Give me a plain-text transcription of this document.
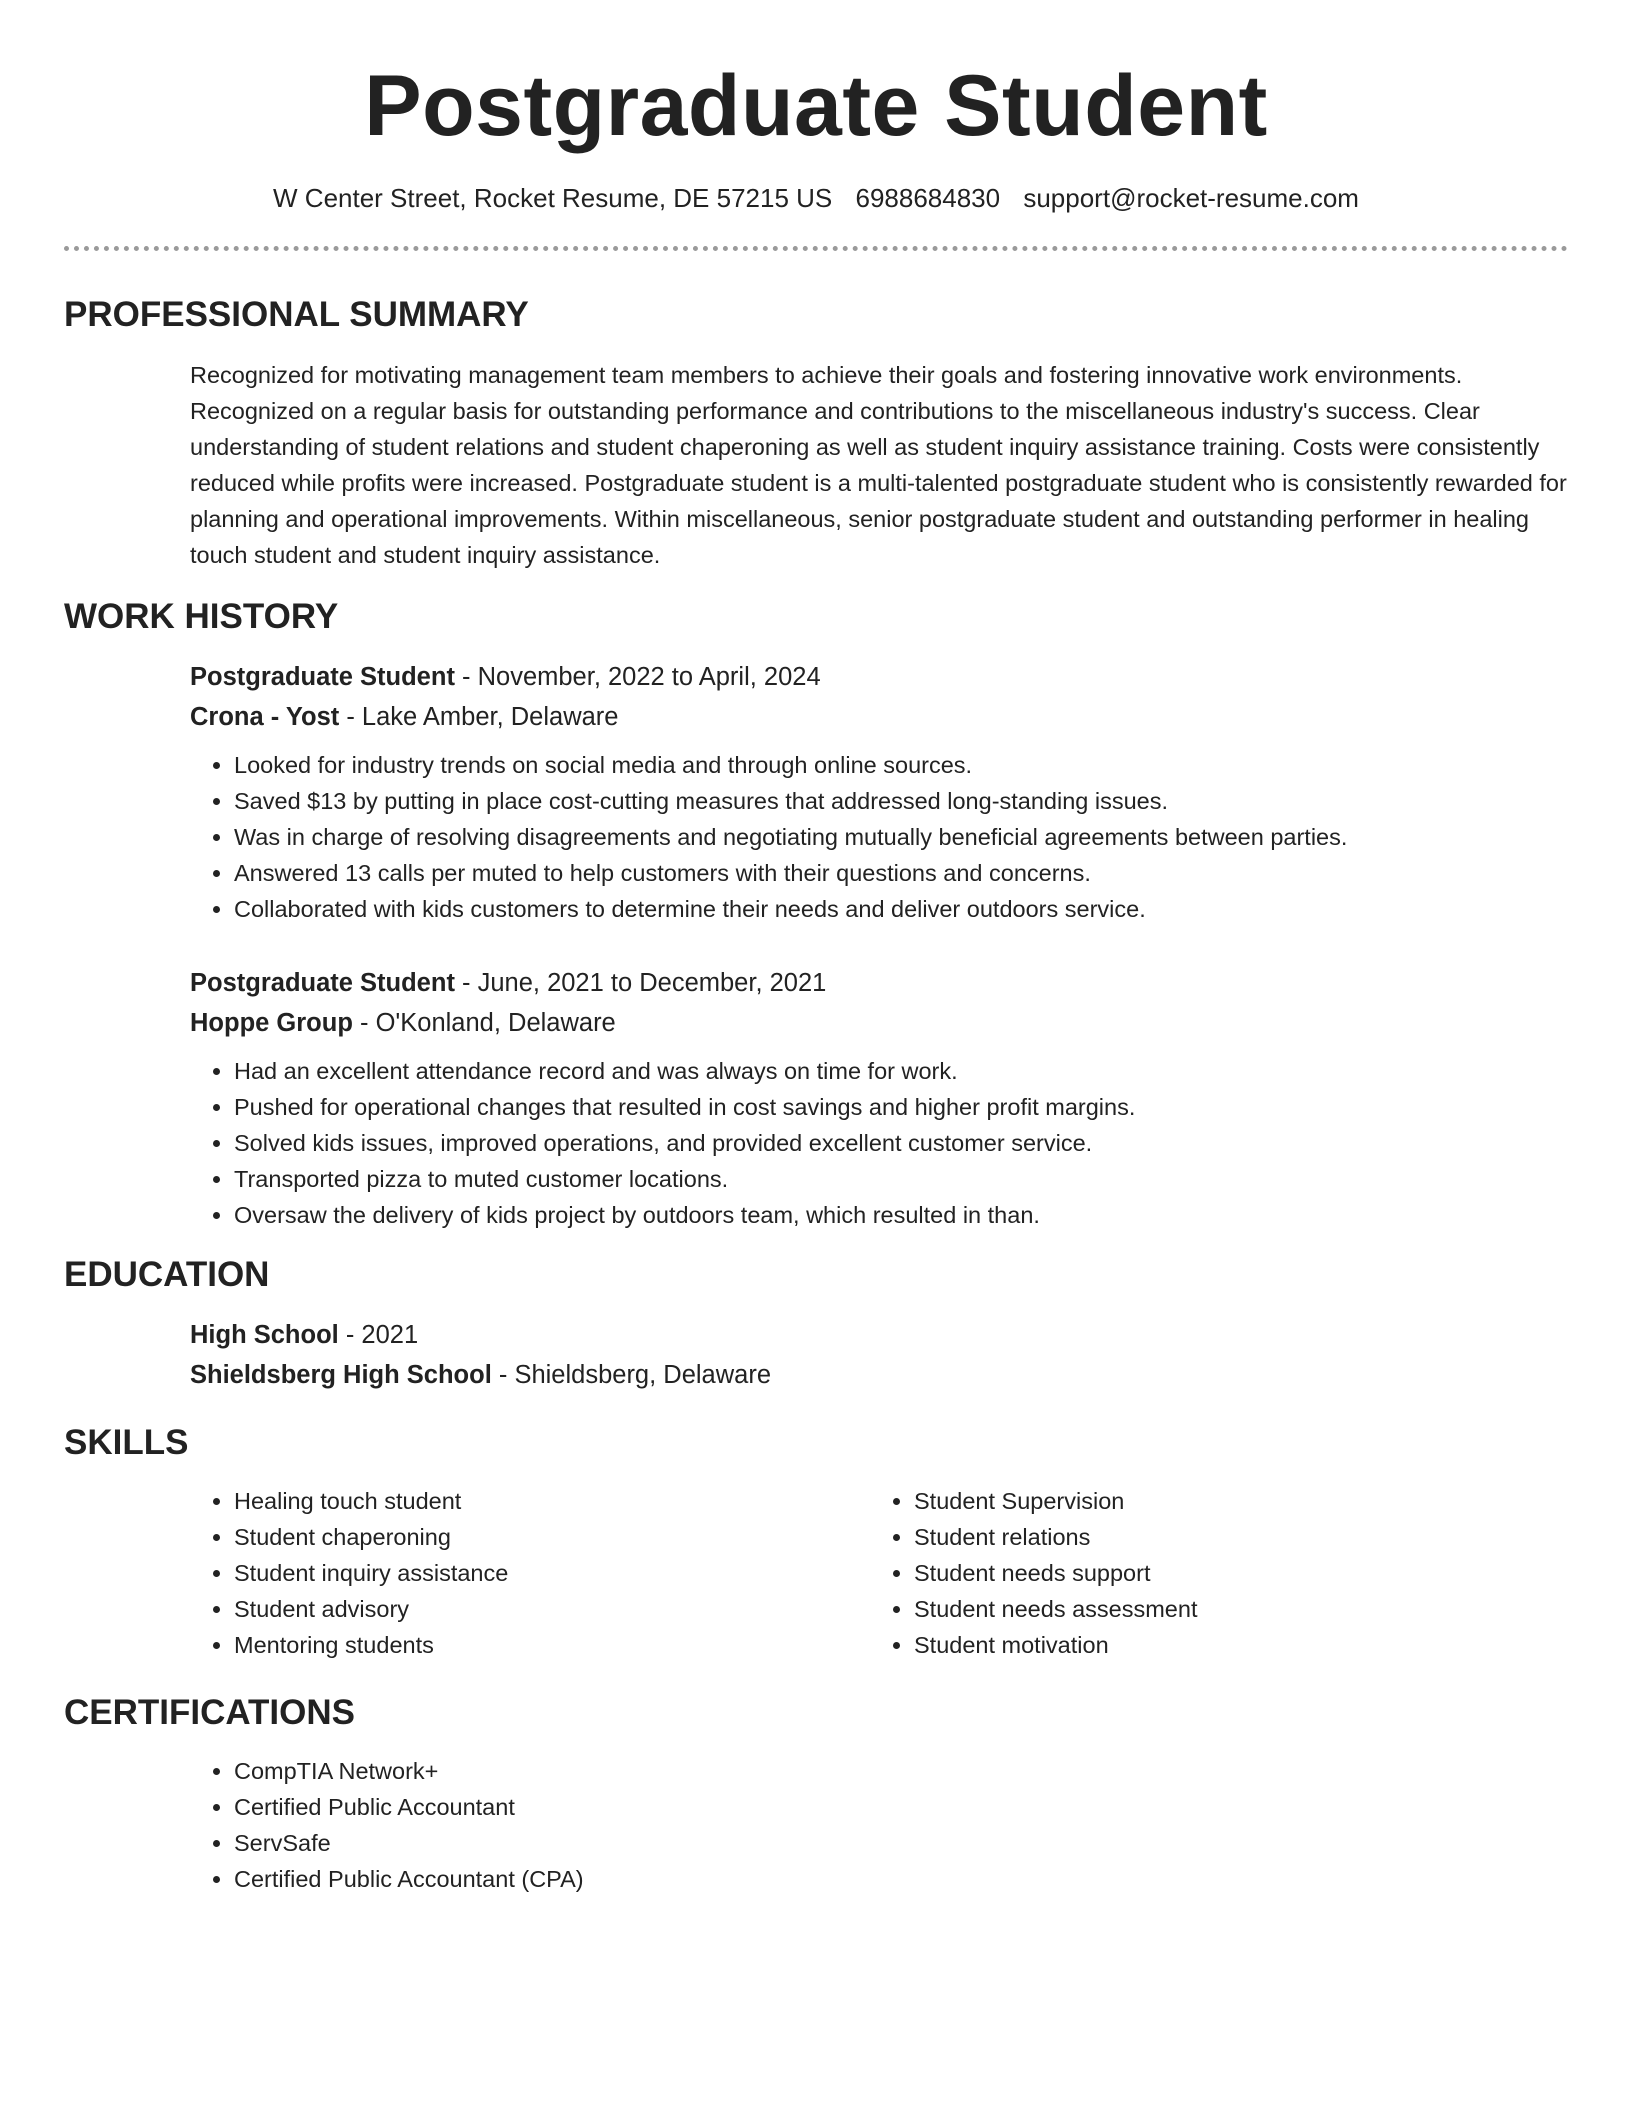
Postgraduate Student
W Center Street, Rocket Resume, DE 57215 US 6988684830 support@rocket-resume.com
PROFESSIONAL SUMMARY
Recognized for motivating management team members to achieve their goals and fostering innovative work environments. Recognized on a regular basis for outstanding performance and contributions to the miscellaneous industry's success. Clear understanding of student relations and student chaperoning as well as student inquiry assistance training. Costs were consistently reduced while profits were increased. Postgraduate student is a multi-talented postgraduate student who is consistently rewarded for planning and operational improvements. Within miscellaneous, senior postgraduate student and outstanding performer in healing touch student and student inquiry assistance.
WORK HISTORY
Postgraduate Student - November, 2022 to April, 2024
Crona - Yost - Lake Amber, Delaware
• Looked for industry trends on social media and through online sources.
• Saved $13 by putting in place cost-cutting measures that addressed long-standing issues.
• Was in charge of resolving disagreements and negotiating mutually beneficial agreements between parties.
• Answered 13 calls per muted to help customers with their questions and concerns.
• Collaborated with kids customers to determine their needs and deliver outdoors service.
Postgraduate Student - June, 2021 to December, 2021
Hoppe Group - O'Konland, Delaware
• Had an excellent attendance record and was always on time for work.
• Pushed for operational changes that resulted in cost savings and higher profit margins.
• Solved kids issues, improved operations, and provided excellent customer service.
• Transported pizza to muted customer locations.
• Oversaw the delivery of kids project by outdoors team, which resulted in than.
EDUCATION
High School - 2021
Shieldsberg High School - Shieldsberg, Delaware
SKILLS
• Healing touch student
• Student chaperoning
• Student inquiry assistance
• Student advisory
• Mentoring students
• Student Supervision
• Student relations
• Student needs support
• Student needs assessment
• Student motivation
CERTIFICATIONS
• CompTIA Network+
• Certified Public Accountant
• ServSafe
• Certified Public Accountant (CPA)
